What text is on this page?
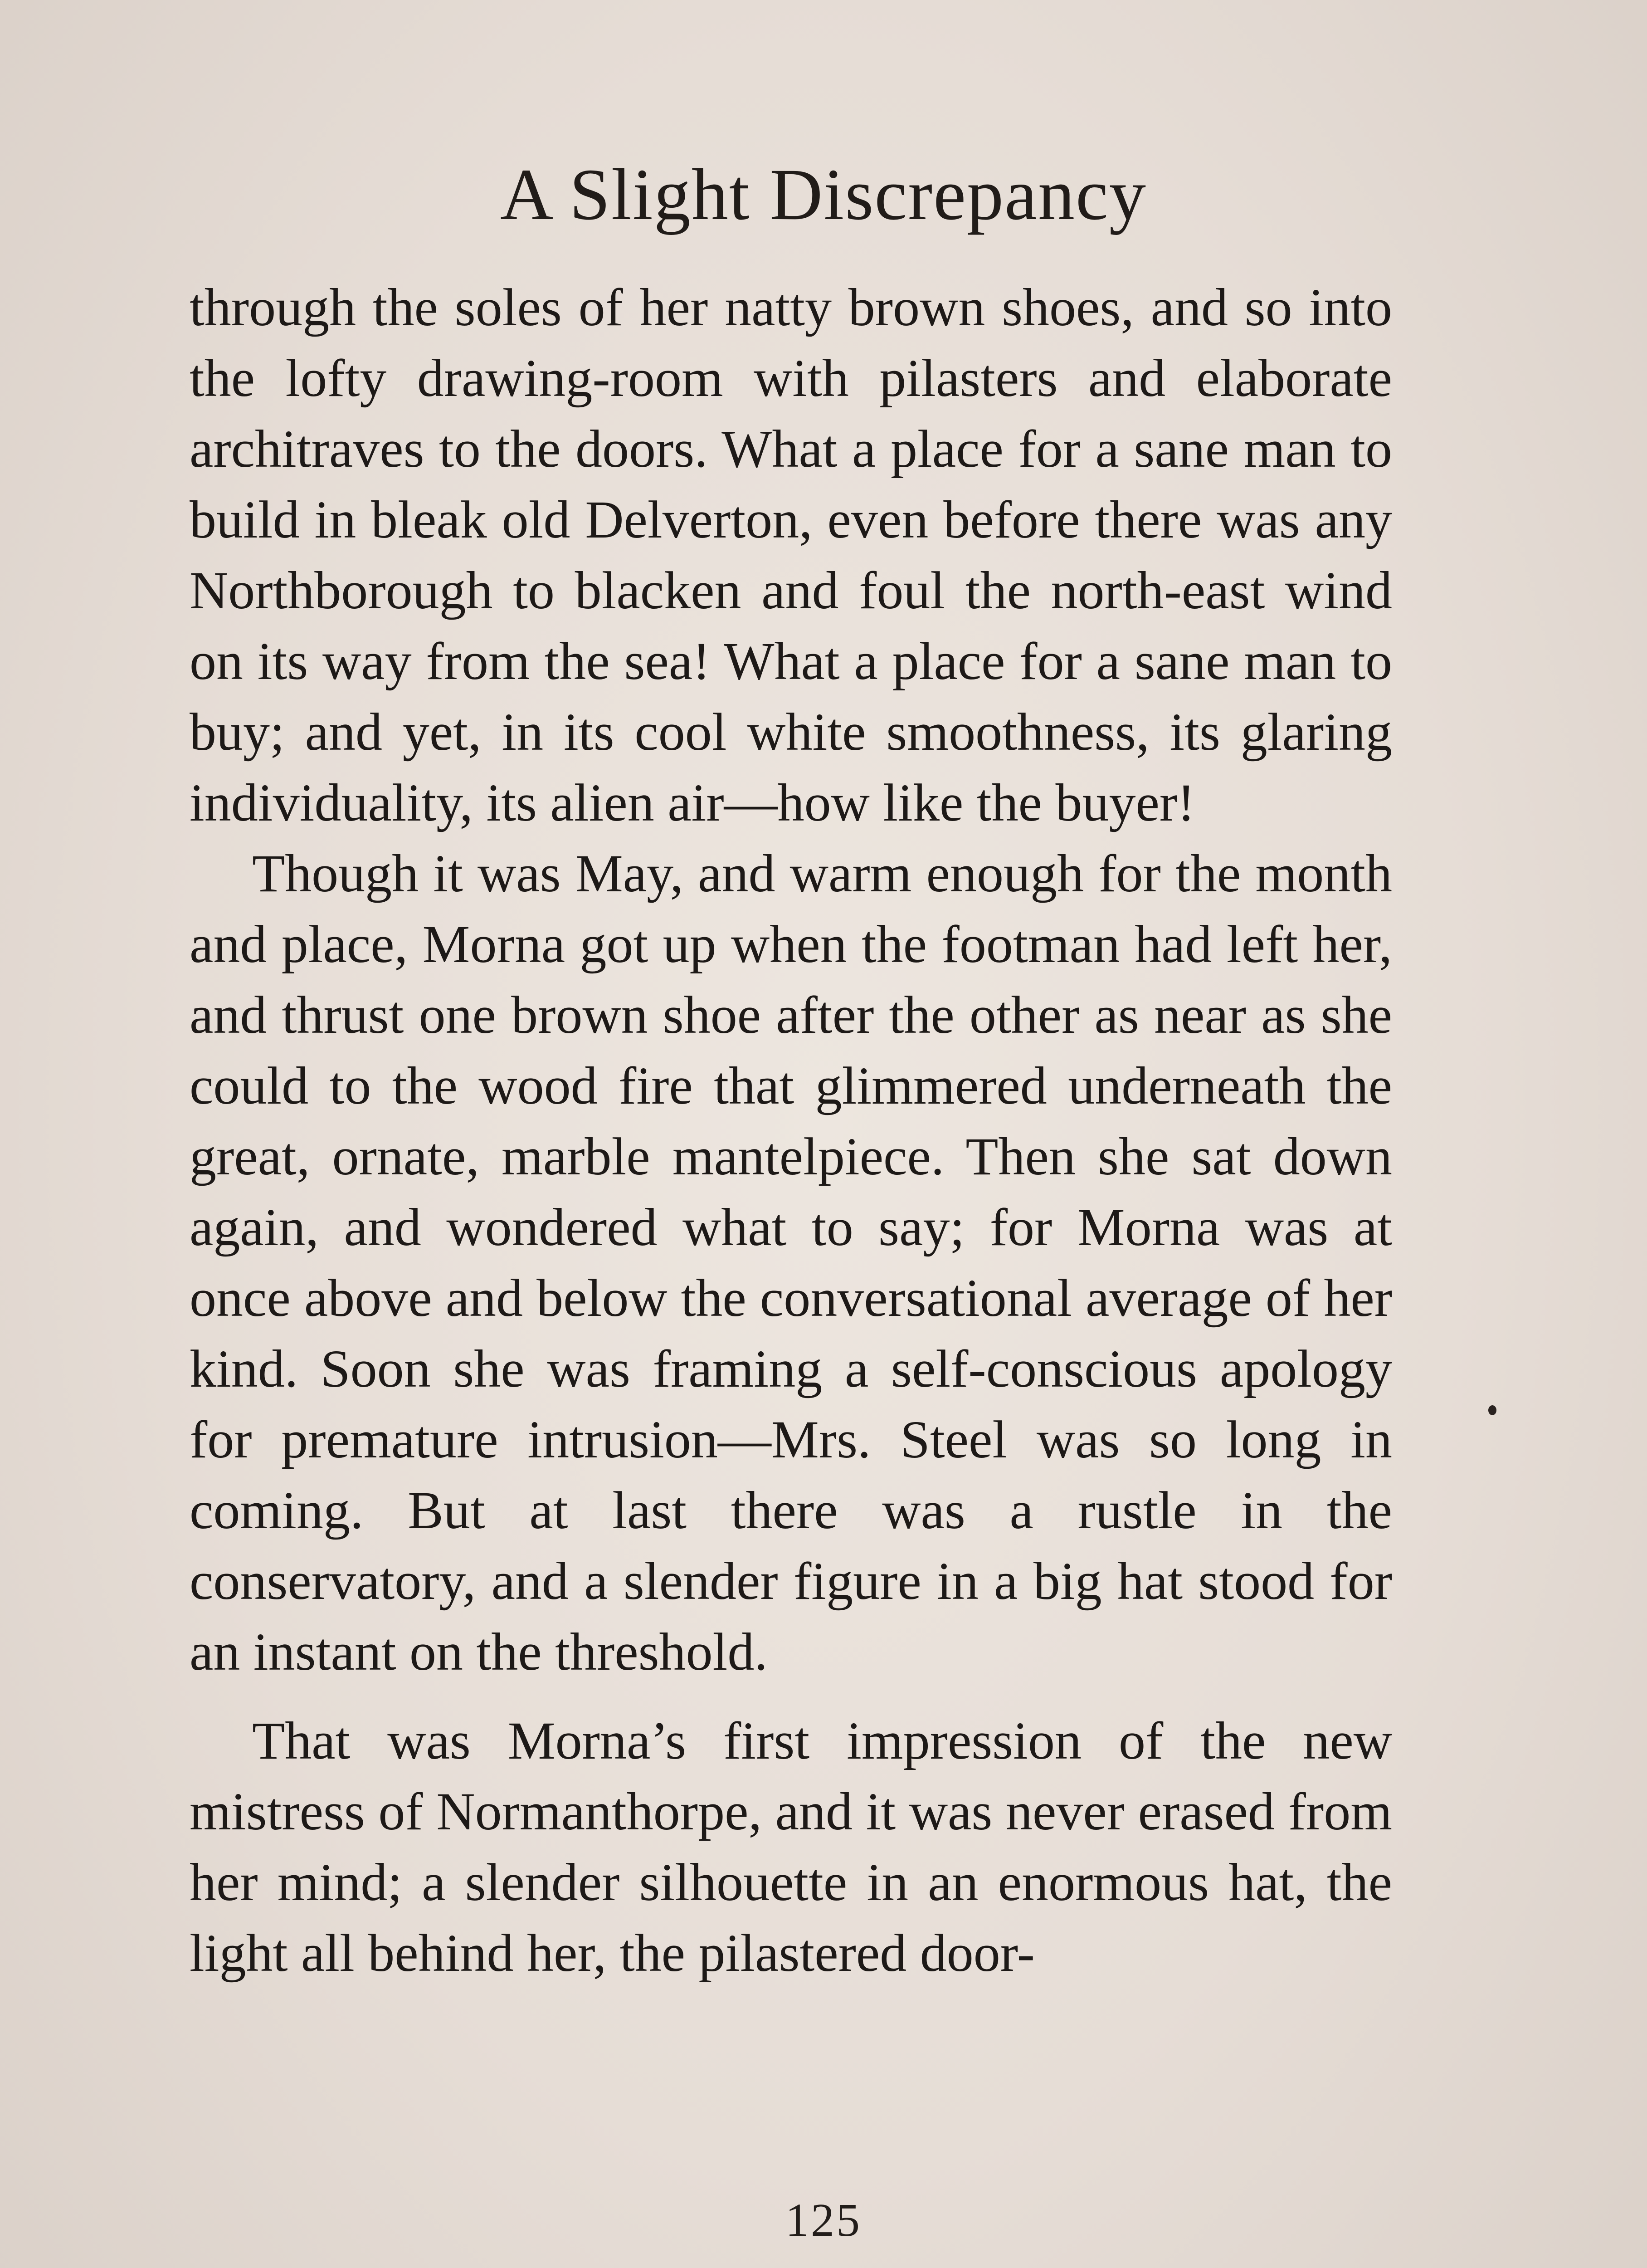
A Slight Discrepancy

through the soles of her natty brown shoes, and so into the lofty drawing-room with pilasters and elaborate architraves to the doors. What a place for a sane man to build in bleak old Delverton, even before there was any Northborough to blacken and foul the north-east wind on its way from the sea! What a place for a sane man to buy; and yet, in its cool white smoothness, its glaring individuality, its alien air—how like the buyer!

Though it was May, and warm enough for the month and place, Morna got up when the footman had left her, and thrust one brown shoe after the other as near as she could to the wood fire that glimmered underneath the great, ornate, marble mantelpiece. Then she sat down again, and wondered what to say; for Morna was at once above and below the conversational average of her kind. Soon she was framing a self-conscious apology for premature intrusion—Mrs. Steel was so long in coming. But at last there was a rustle in the conservatory, and a slender figure in a big hat stood for an instant on the threshold.

That was Morna’s first impression of the new mistress of Normanthorpe, and it was never erased from her mind; a slender silhouette in an enormous hat, the light all behind her, the pilastered door-

125
